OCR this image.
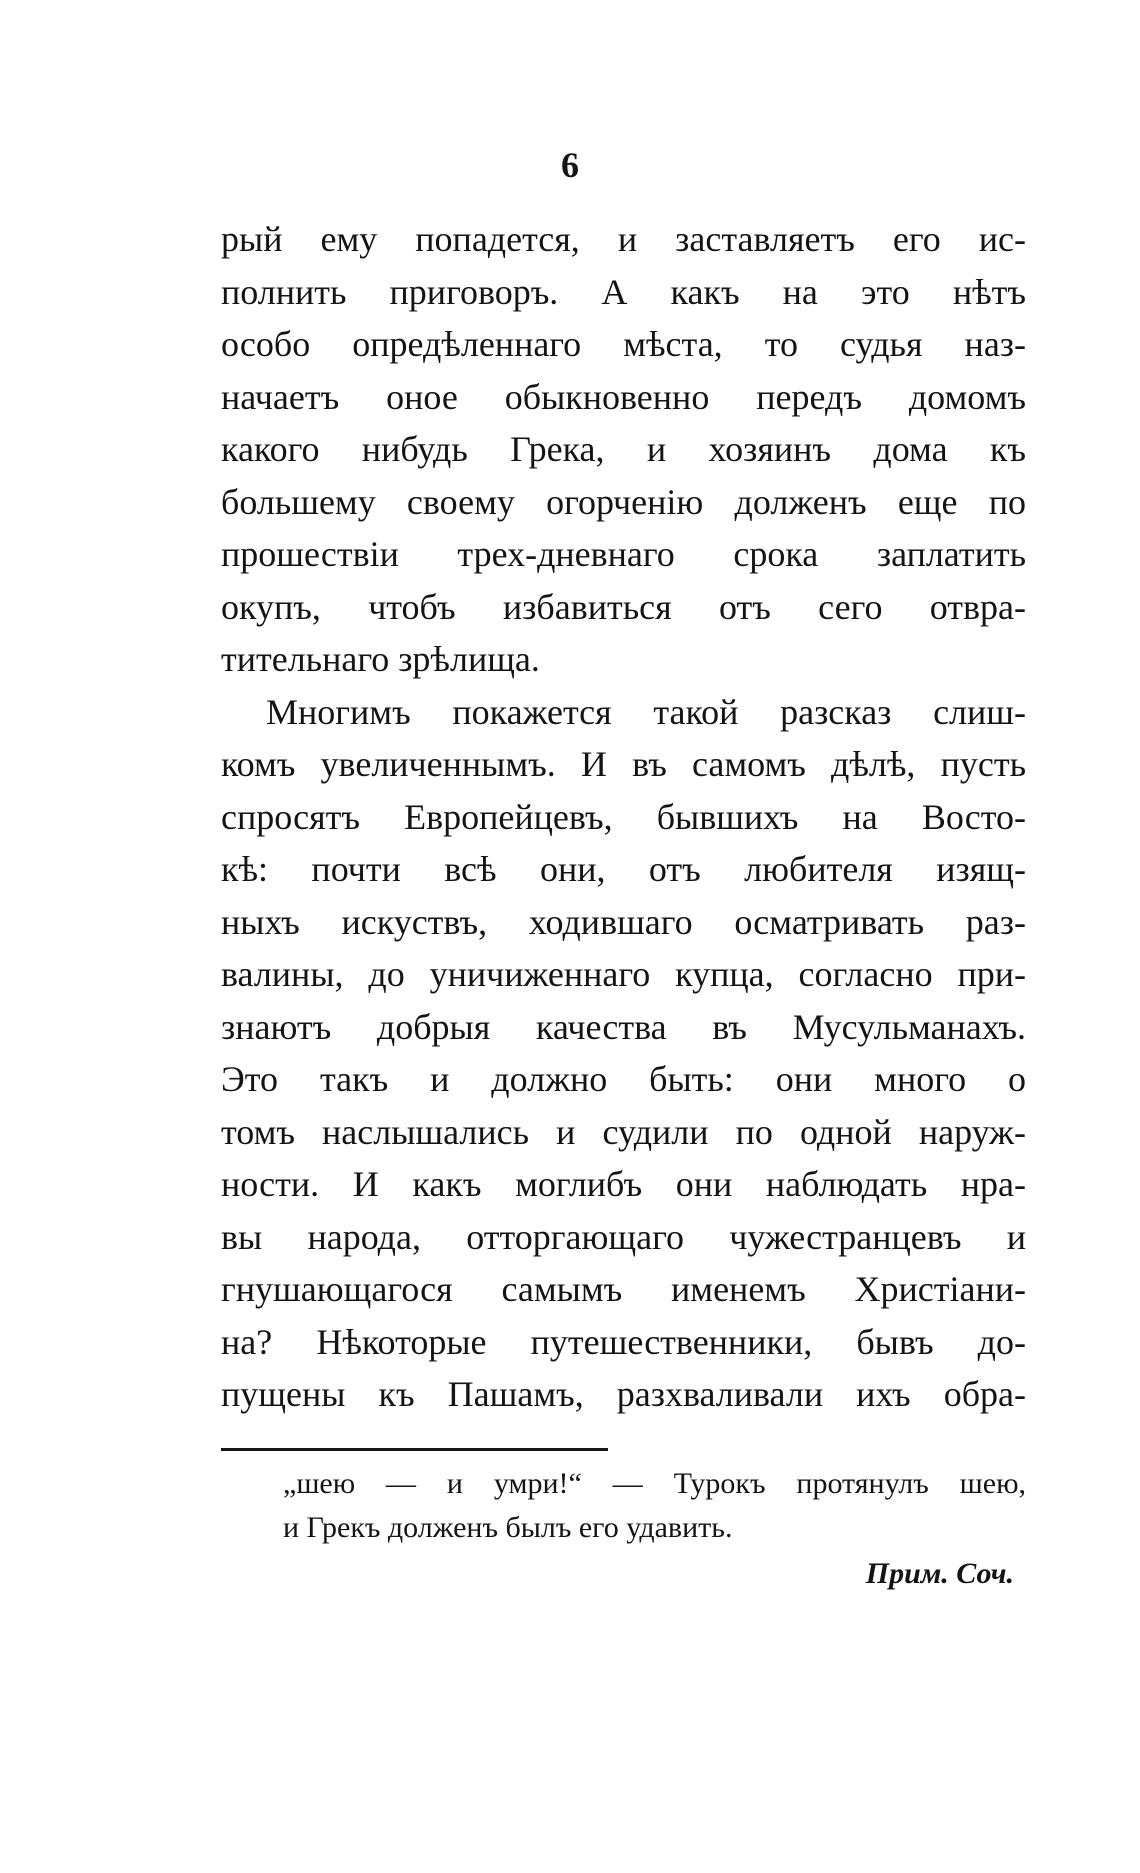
6
рый ему попадется, и заставляетъ его ис-
полнить приговоръ. А какъ на это нѣтъ
особо опредѣленнаго мѣста, то судья наз-
начаетъ оное обыкновенно передъ домомъ
какого нибудь Грека, и хозяинъ дома къ
большему своему огорченію долженъ еще по
прошествіи трех-дневнаго срока заплатить
окупъ, чтобъ избавиться отъ сего отвра-
тительнаго зрѣлища.
Многимъ покажется такой разсказ слиш-
комъ увеличеннымъ. И въ самомъ дѣлѣ, пусть
спросятъ Европейцевъ, бывшихъ на Восто-
кѣ: почти всѣ они, отъ любителя изящ-
ныхъ искуствъ, ходившаго осматривать раз-
валины, до уничиженнаго купца, согласно при-
знаютъ добрыя качества въ Мусульманахъ.
Это такъ и должно быть: они много о
томъ наслышались и судили по одной наруж-
ности. И какъ моглибъ они наблюдать нра-
вы народа, отторгающаго чужестранцевъ и
гнушающагося самымъ именемъ Христіани-
на? Нѣкоторые путешественники, бывъ до-
пущены къ Пашамъ, разхваливали ихъ обра-
„шею — и умри!“ — Турокъ протянулъ шею,
и Грекъ долженъ былъ его удавить.
Прим. Соч.
